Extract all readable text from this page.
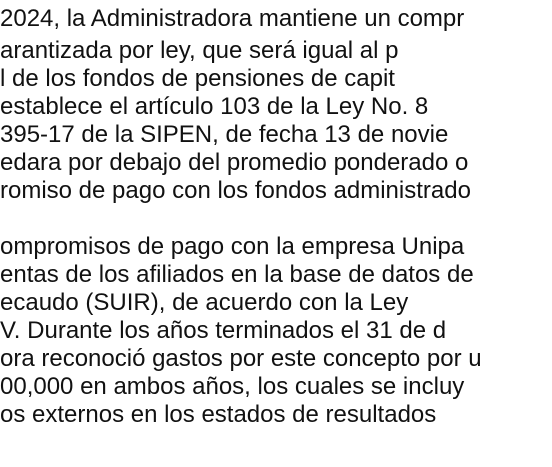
2024, la Administradora mantiene un compr
arantizada por ley, que será igual al p
l de los fondos de pensiones de capit
establece el artículo 103 de la Ley No. 8
395-17 de la SIPEN, de fecha 13 de novie
edara por debajo del promedio ponderado o
romiso de pago con los fondos administrado
ompromisos de pago con la empresa Unipa
entas de los afiliados en la base de datos de
ecaudo (SUIR), de acuerdo con la Ley
V. Durante los años terminados el 31 de d
ora reconoció gastos por este concepto por u
00,000 en ambos años, los cuales se incluy
os externos en los estados de resultados
